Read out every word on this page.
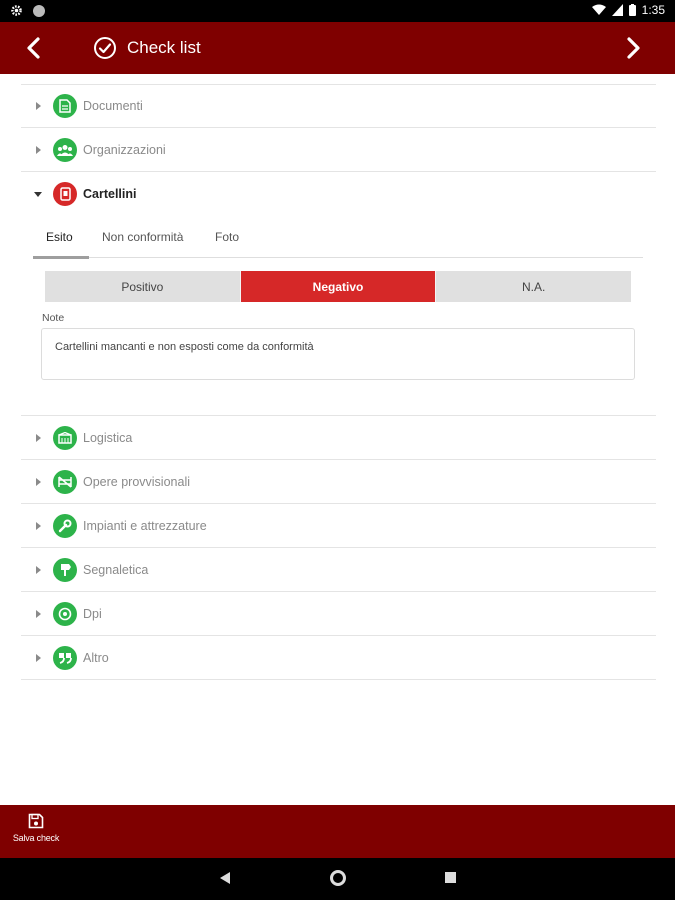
1:35
Check list
Documenti
Organizzazioni
Cartellini
Esito Non conformità	Foto
Positivo	Negativo	N.A.
Note
Cartellini mancanti e non esposti come da conformità
Logistica
Opere provvisionali
Impianti e attrezzature
Segnaletica
Dpi
Altro
Salva check
